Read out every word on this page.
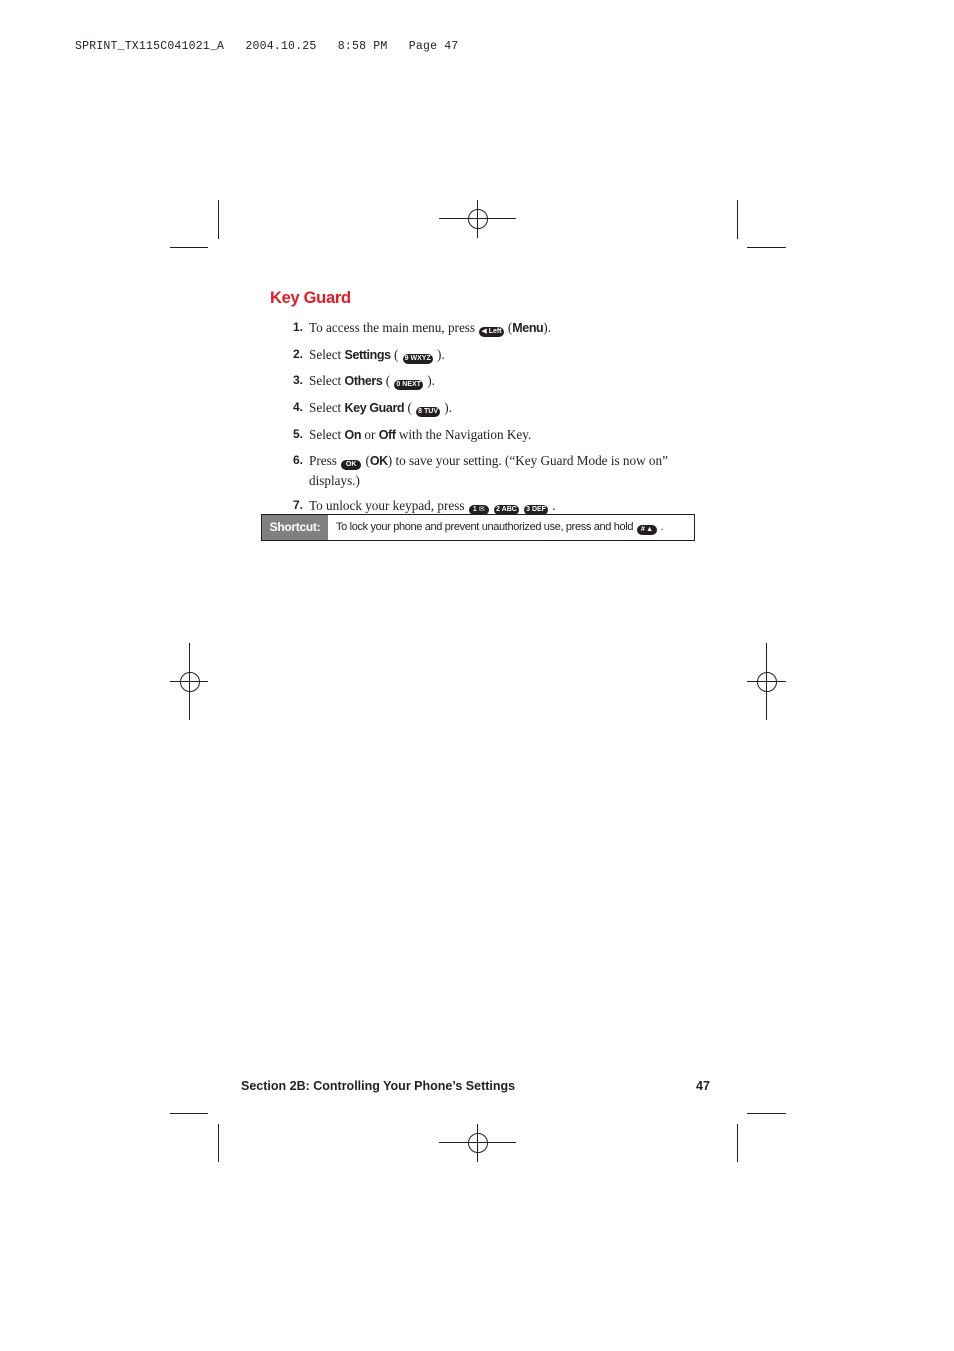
SPRINT_TX115C041021_A 2004.10.25 8:58 PM Page 47
Key Guard
1. To access the main menu, press ◀ Left (Menu).
2. Select Settings ( 9 WXYZ ).
3. Select Others ( 0 NEXT ).
4. Select Key Guard ( 8 TUV ).
5. Select On or Off with the Navigation Key.
6. Press OK (OK) to save your setting. (“Key Guard Mode is now on” displays.)
7. To unlock your keypad, press 1 ✉ 2 ABC 3 DEF .
Shortcut:	To lock your phone and prevent unauthorized use, press and hold # ▲ .
Section 2B: Controlling Your Phone’s Settings	47
